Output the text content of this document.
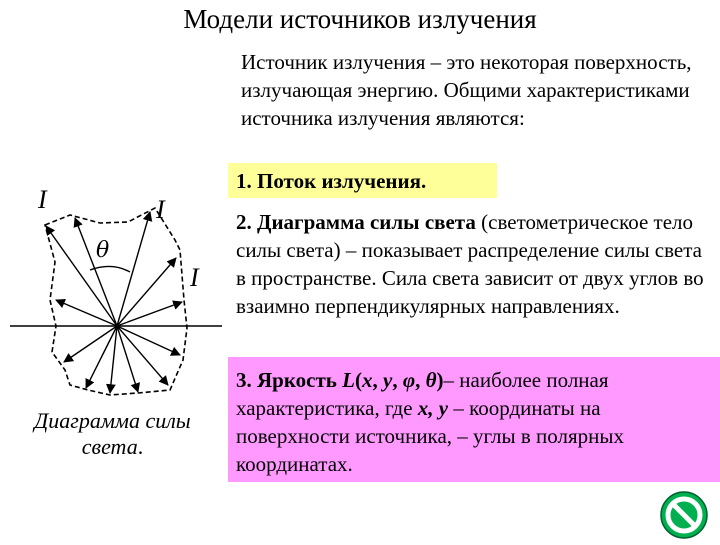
Модели источников излучения
Источник излучения – это некоторая поверхность, излучающая энергию. Общими характеристиками источника излучения являются:
1. Поток излучения.
2. Диаграмма силы света (светометрическое тело силы света) – показывает распределение силы света в пространстве. Сила света зависит от двух углов во взаимно перпендикулярных направлениях.
3. Яркость L(x, y, φ, θ)– наиболее полная характеристика, где x, y – координаты на поверхности источника, – углы в полярных координатах.
θ
I	I
I
Диаграмма силы
света.
